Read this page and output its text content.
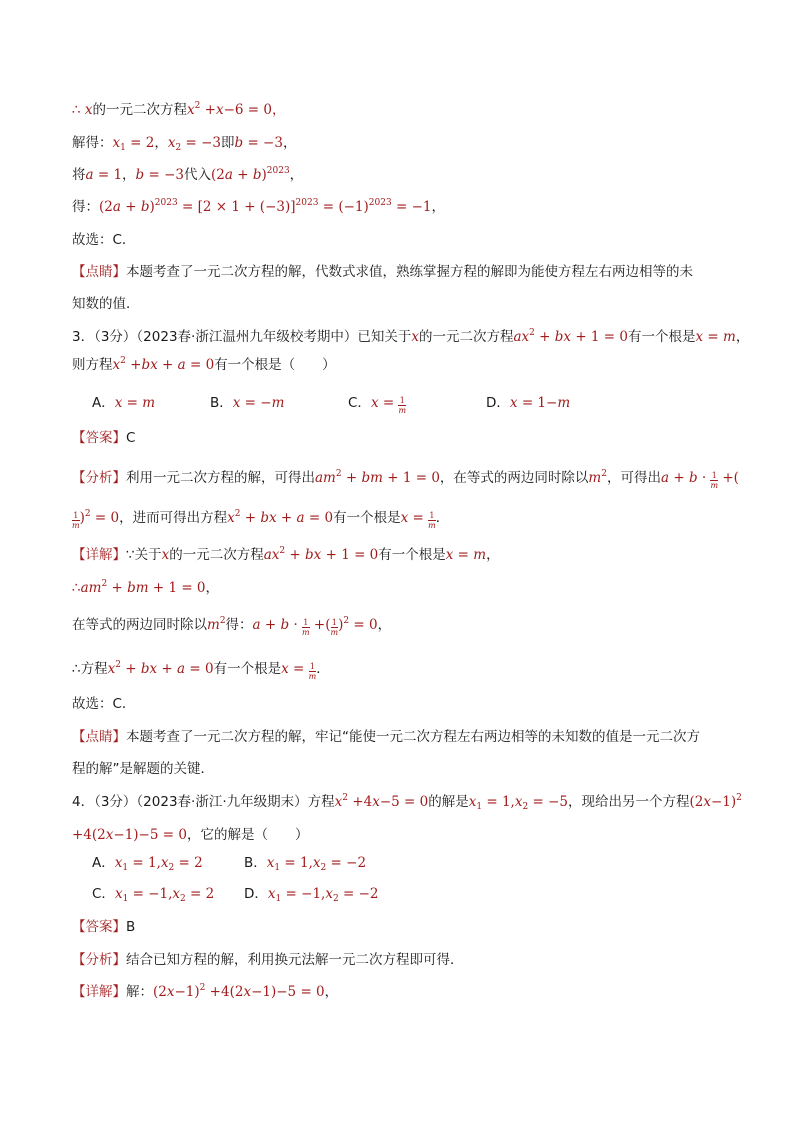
∴ x的一元二次方程$x^2 +x-6 = 0$，
解得：$x_1 = 2$，$x_2 = -3$即b = −3，
将a = 1，b = −3代入$(2a + b)^{2023}$，
得：$(2a + b)^{2023} = [2 \times 1 + (-3)]^{2023} = (-1)^{2023} = -1$，
故选：C．
【点睛】本题考查了一元二次方程的解，代数式求值，熟练掌握方程的解即为能使方程左右两边相等的未
知数的值．
3．（3分）（2023春·浙江温州九年级校考期中）已知关于x的一元二次方程$ax^2$ + bx + 1 = 0有一个根是x = m，
则方程$x^2 +bx + a = 0$有一个根是（　　）
A．x = m	B．x = −m	C．$x = \frac{1}{m}$	D．x = 1−m
【答案】C
【分析】利用一元二次方程的解，可得出$am^2$ + bm + 1 = 0，在等式的两边同时除以$m^2$，可得出$a + b \cdot \frac{1}{m}$ +(
$\frac{1}{m} )^2 = 0$，进而可得出方程$x^2$ + bx + a = 0有一个根是$x = \frac{1}{m}$ ．
【详解】∵关于x的一元二次方程$ax^2$ + bx + 1 = 0有一个根是x = m，
$\therefore am^2$ + bm + 1 = 0，
在等式的两边同时除以$m^2$得：$a + b \cdot \frac{1}{m}$ +( $\frac{1}{m} )^2 = 0$，
∴方程$x^2$ + bx + a = 0有一个根是$x = \frac{1}{m}$ ．
故选：C．
【点睛】本题考查了一元二次方程的解，牢记“能使一元二次方程左右两边相等的未知数的值是一元二次方
程的解”是解题的关键．
4．（3分）（2023春·浙江·九年级期末）方程$x^2 +4x-5 = 0$的解是$x_1 = 1,x_2 = -5$，现给出另一个方程$(2x-1)^2$
+4(2x−1)−5 = 0，它的解是（　　）
A．$x_1 = 1,x_2 = 2$	B．$x_1 = 1,x_2 = -2$
C．$x_1 = -1,x_2 = 2$ D．$x_1 = -1,x_2 = -2$
【答案】B
【分析】结合已知方程的解，利用换元法解一元二次方程即可得．
【详解】解：$(2x-1)^2 +4(2x-1)-5 = 0$，
